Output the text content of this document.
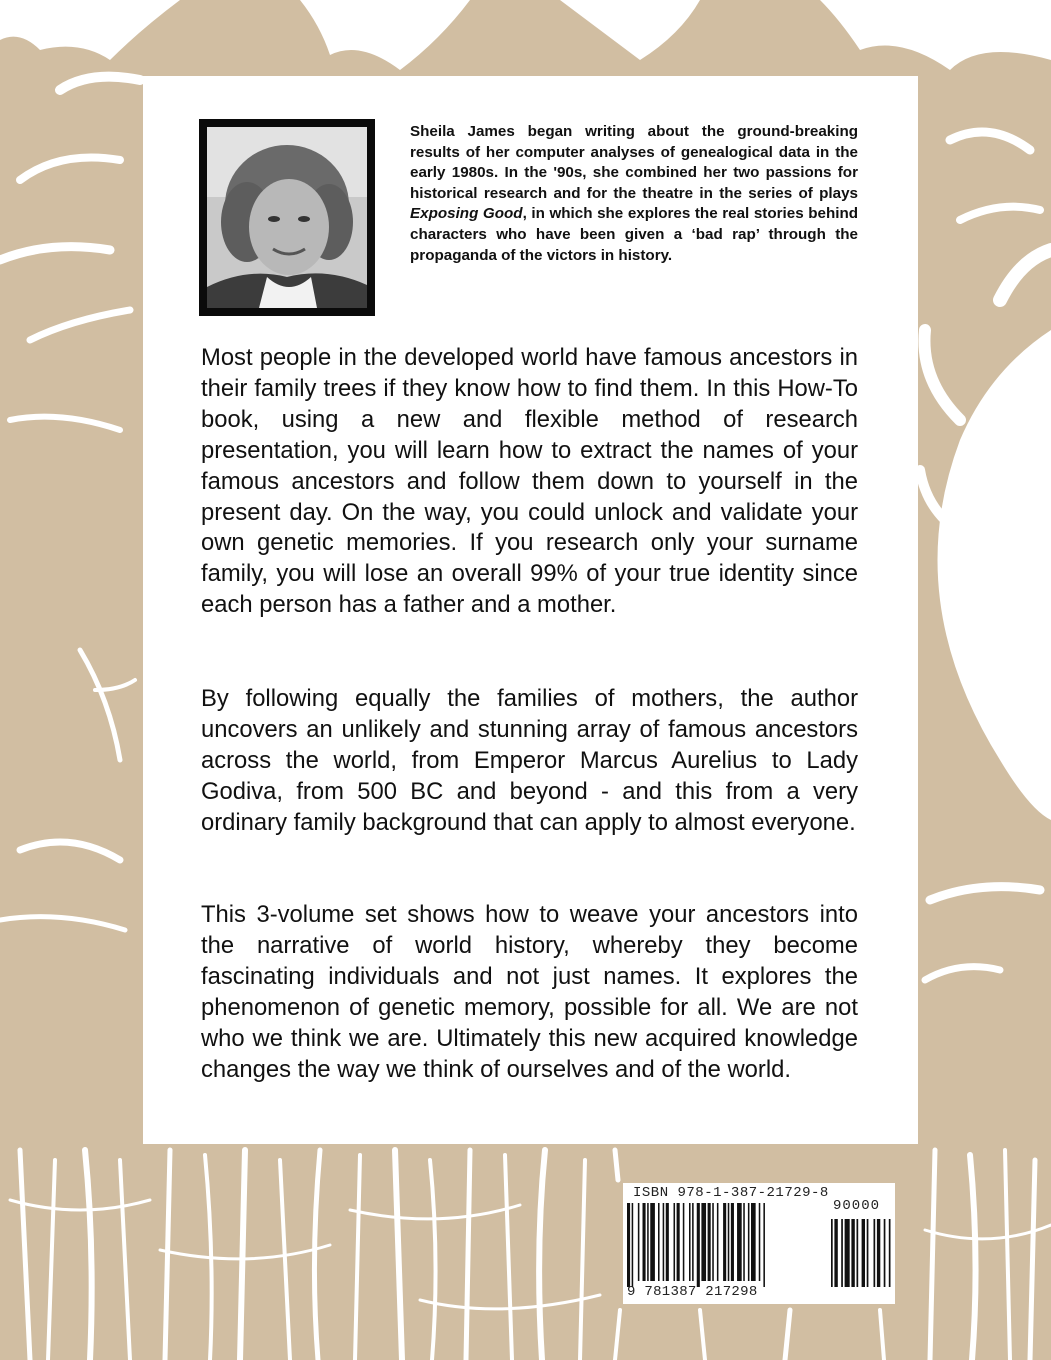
Sheila James began writing about the ground-breaking results of her computer analyses of genealogical data in the early 1980s. In the '90s, she combined her two passions for historical research and for the theatre in the series of plays Exposing Good, in which she explores the real stories behind characters who have been given a ‘bad rap’ through the propaganda of the victors in history.

Most people in the developed world have famous ancestors in their family trees if they know how to find them. In this How-To book, using a new and flexible method of research presentation, you will learn how to extract the names of your famous ancestors and follow them down to yourself in the present day. On the way, you could unlock and validate your own genetic memories. If you research only your surname family, you will lose an overall 99% of your true identity since each person has a father and a mother.

By following equally the families of mothers, the author uncovers an unlikely and stunning array of famous ancestors across the world, from Emperor Marcus Aurelius to Lady Godiva, from 500 BC and beyond - and this from a very ordinary family background that can apply to almost everyone.

This 3-volume set shows how to weave your ancestors into the narrative of world history, whereby they become fascinating individuals and not just names. It explores the phenomenon of genetic memory, possible for all. We are not who we think we are. Ultimately this new acquired knowledge changes the way we think of ourselves and of the world.

ISBN 978-1-387-21729-8
90000
9 781387 217298
